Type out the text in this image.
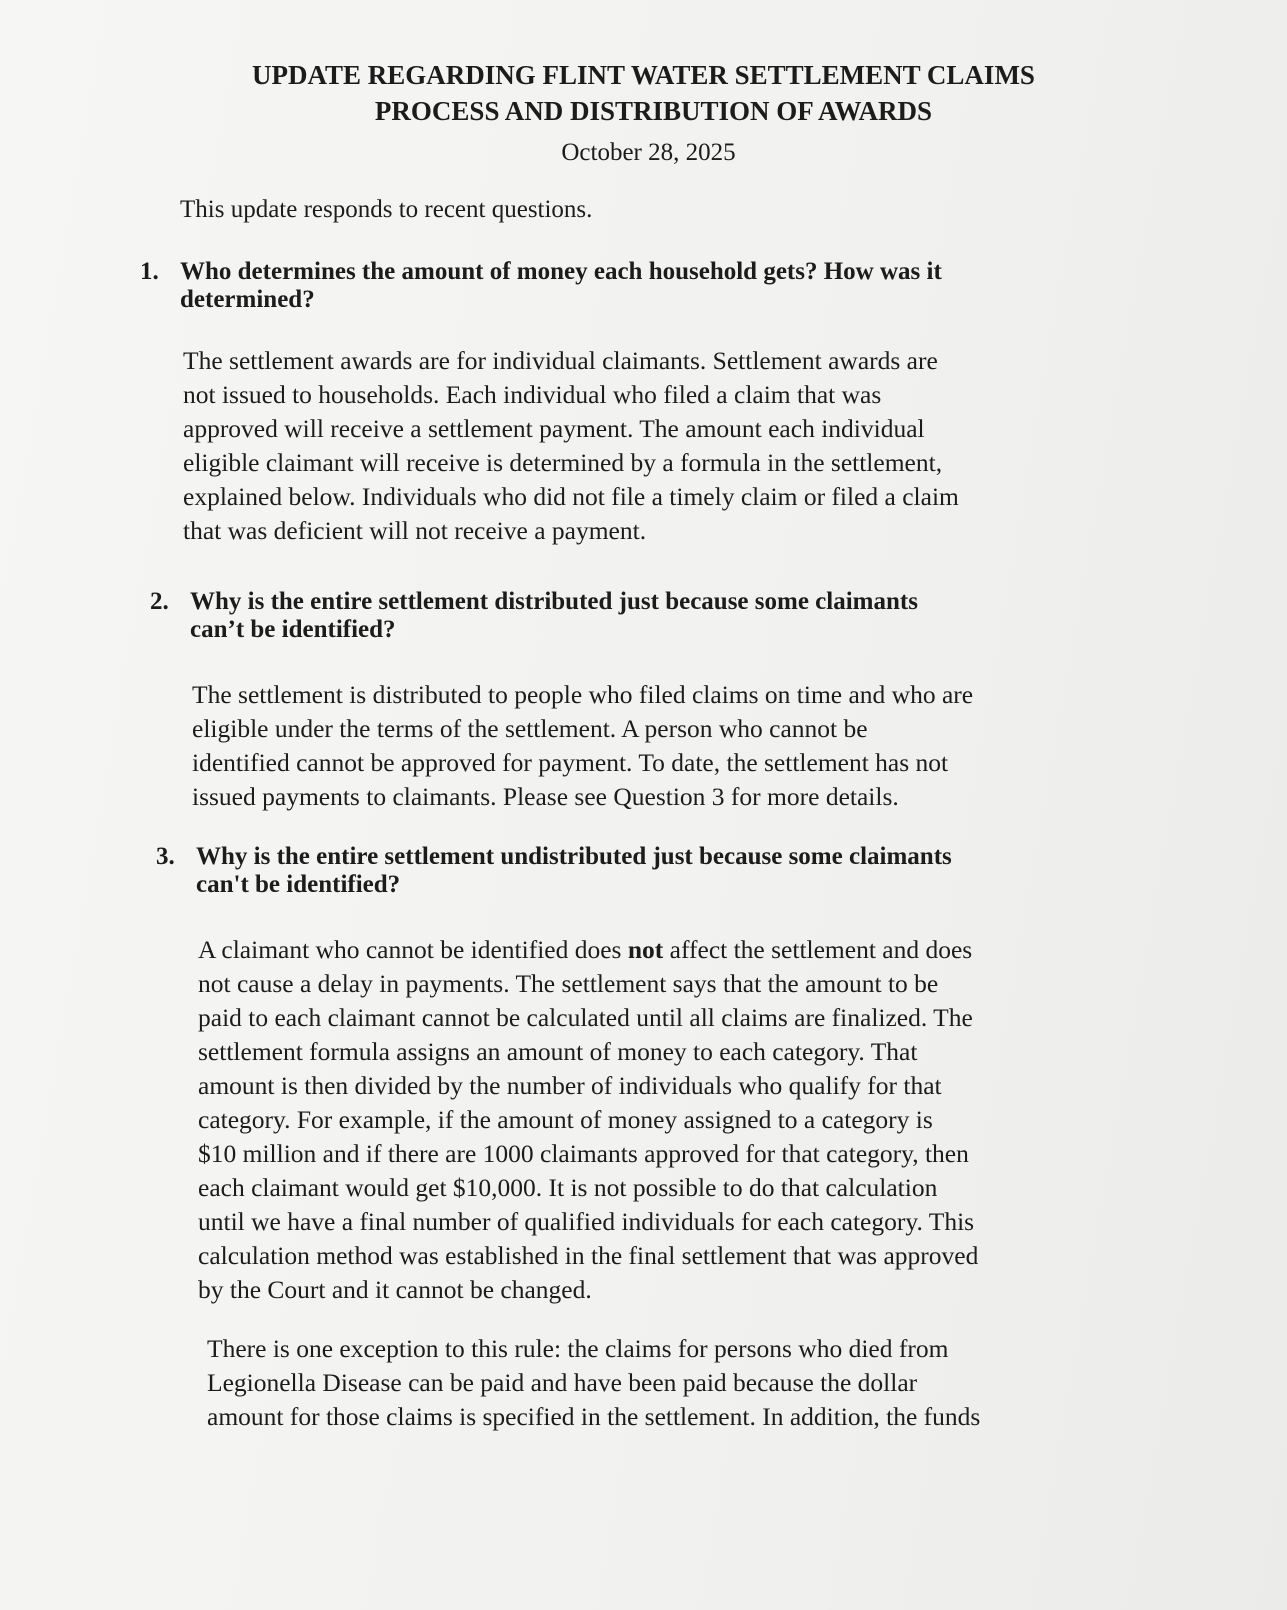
UPDATE REGARDING FLINT WATER SETTLEMENT CLAIMS
PROCESS AND DISTRIBUTION OF AWARDS
October 28, 2025
This update responds to recent questions.
1. Who determines the amount of money each household gets? How was it
determined?
The settlement awards are for individual claimants. Settlement awards are
not issued to households. Each individual who filed a claim that was
approved will receive a settlement payment. The amount each individual
eligible claimant will receive is determined by a formula in the settlement,
explained below. Individuals who did not file a timely claim or filed a claim
that was deficient will not receive a payment.
2. Why is the entire settlement distributed just because some claimants
can’t be identified?
The settlement is distributed to people who filed claims on time and who are
eligible under the terms of the settlement. A person who cannot be
identified cannot be approved for payment. To date, the settlement has not
issued payments to claimants. Please see Question 3 for more details.
3. Why is the entire settlement undistributed just because some claimants
can't be identified?
A claimant who cannot be identified does not affect the settlement and does
not cause a delay in payments. The settlement says that the amount to be
paid to each claimant cannot be calculated until all claims are finalized. The
settlement formula assigns an amount of money to each category. That
amount is then divided by the number of individuals who qualify for that
category. For example, if the amount of money assigned to a category is
$10 million and if there are 1000 claimants approved for that category, then
each claimant would get $10,000. It is not possible to do that calculation
until we have a final number of qualified individuals for each category. This
calculation method was established in the final settlement that was approved
by the Court and it cannot be changed.
There is one exception to this rule: the claims for persons who died from
Legionella Disease can be paid and have been paid because the dollar
amount for those claims is specified in the settlement. In addition, the funds
